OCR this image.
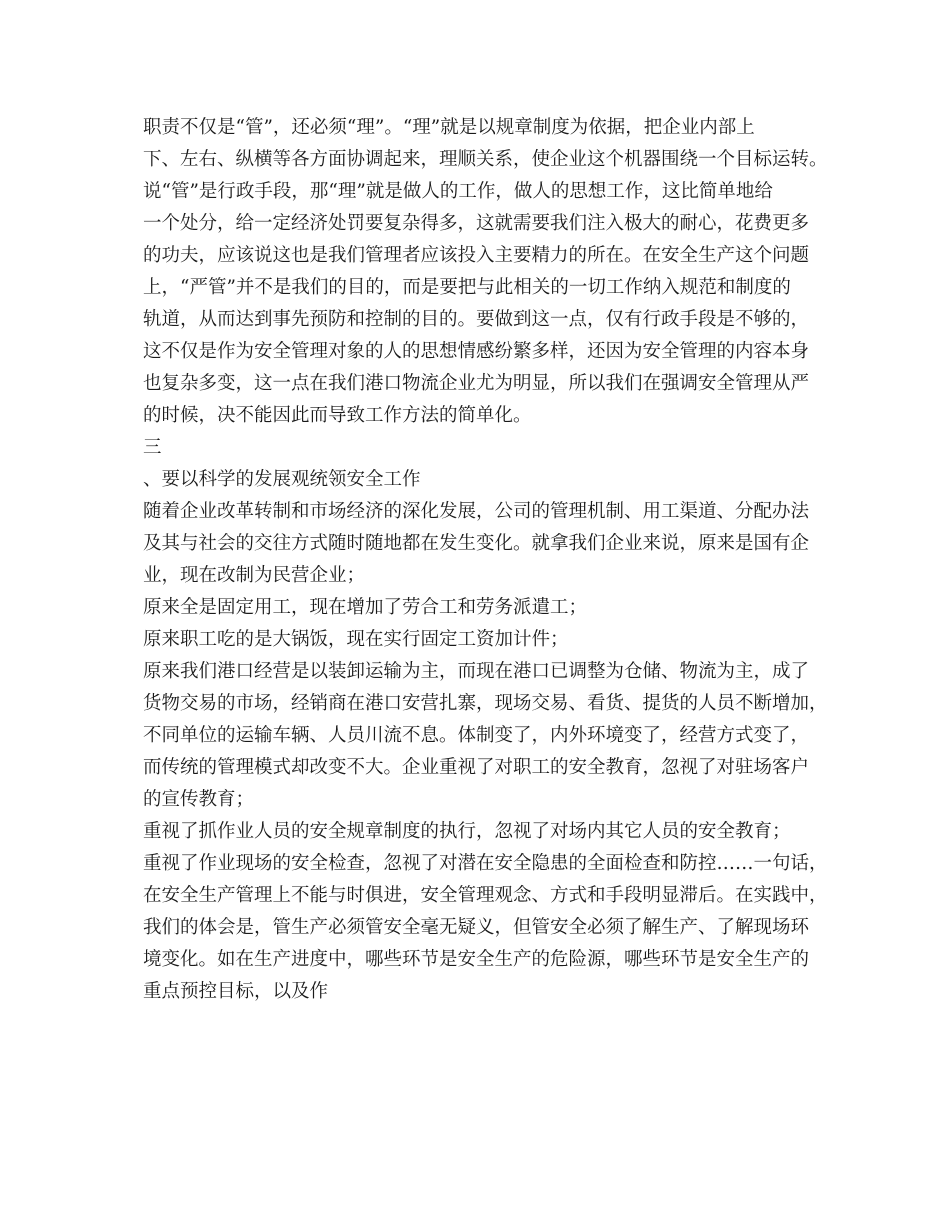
职责不仅是“管”，还必须“理”。“理”就是以规章制度为依据，把企业内部上
下、左右、纵横等各方面协调起来，理顺关系，使企业这个机器围绕一个目标运转。
说“管”是行政手段，那“理”就是做人的工作，做人的思想工作，这比简单地给
一个处分，给一定经济处罚要复杂得多，这就需要我们注入极大的耐心，花费更多
的功夫，应该说这也是我们管理者应该投入主要精力的所在。在安全生产这个问题
上，“严管”并不是我们的目的，而是要把与此相关的一切工作纳入规范和制度的
轨道，从而达到事先预防和控制的目的。要做到这一点，仅有行政手段是不够的，
这不仅是作为安全管理对象的人的思想情感纷繁多样，还因为安全管理的内容本身
也复杂多变，这一点在我们港口物流企业尤为明显，所以我们在强调安全管理从严
的时候，决不能因此而导致工作方法的简单化。
三
、要以科学的发展观统领安全工作
随着企业改革转制和市场经济的深化发展，公司的管理机制、用工渠道、分配办法
及其与社会的交往方式随时随地都在发生变化。就拿我们企业来说，原来是国有企
业，现在改制为民营企业；
原来全是固定用工，现在增加了劳合工和劳务派遣工；
原来职工吃的是大锅饭，现在实行固定工资加计件；
原来我们港口经营是以装卸运输为主，而现在港口已调整为仓储、物流为主，成了
货物交易的市场，经销商在港口安营扎寨，现场交易、看货、提货的人员不断增加，
不同单位的运输车辆、人员川流不息。体制变了，内外环境变了，经营方式变了，
而传统的管理模式却改变不大。企业重视了对职工的安全教育，忽视了对驻场客户
的宣传教育；
重视了抓作业人员的安全规章制度的执行，忽视了对场内其它人员的安全教育；
重视了作业现场的安全检查，忽视了对潜在安全隐患的全面检查和防控……一句话，
在安全生产管理上不能与时俱进，安全管理观念、方式和手段明显滞后。在实践中，
我们的体会是，管生产必须管安全毫无疑义，但管安全必须了解生产、了解现场环
境变化。如在生产进度中，哪些环节是安全生产的危险源，哪些环节是安全生产的
重点预控目标，以及作
